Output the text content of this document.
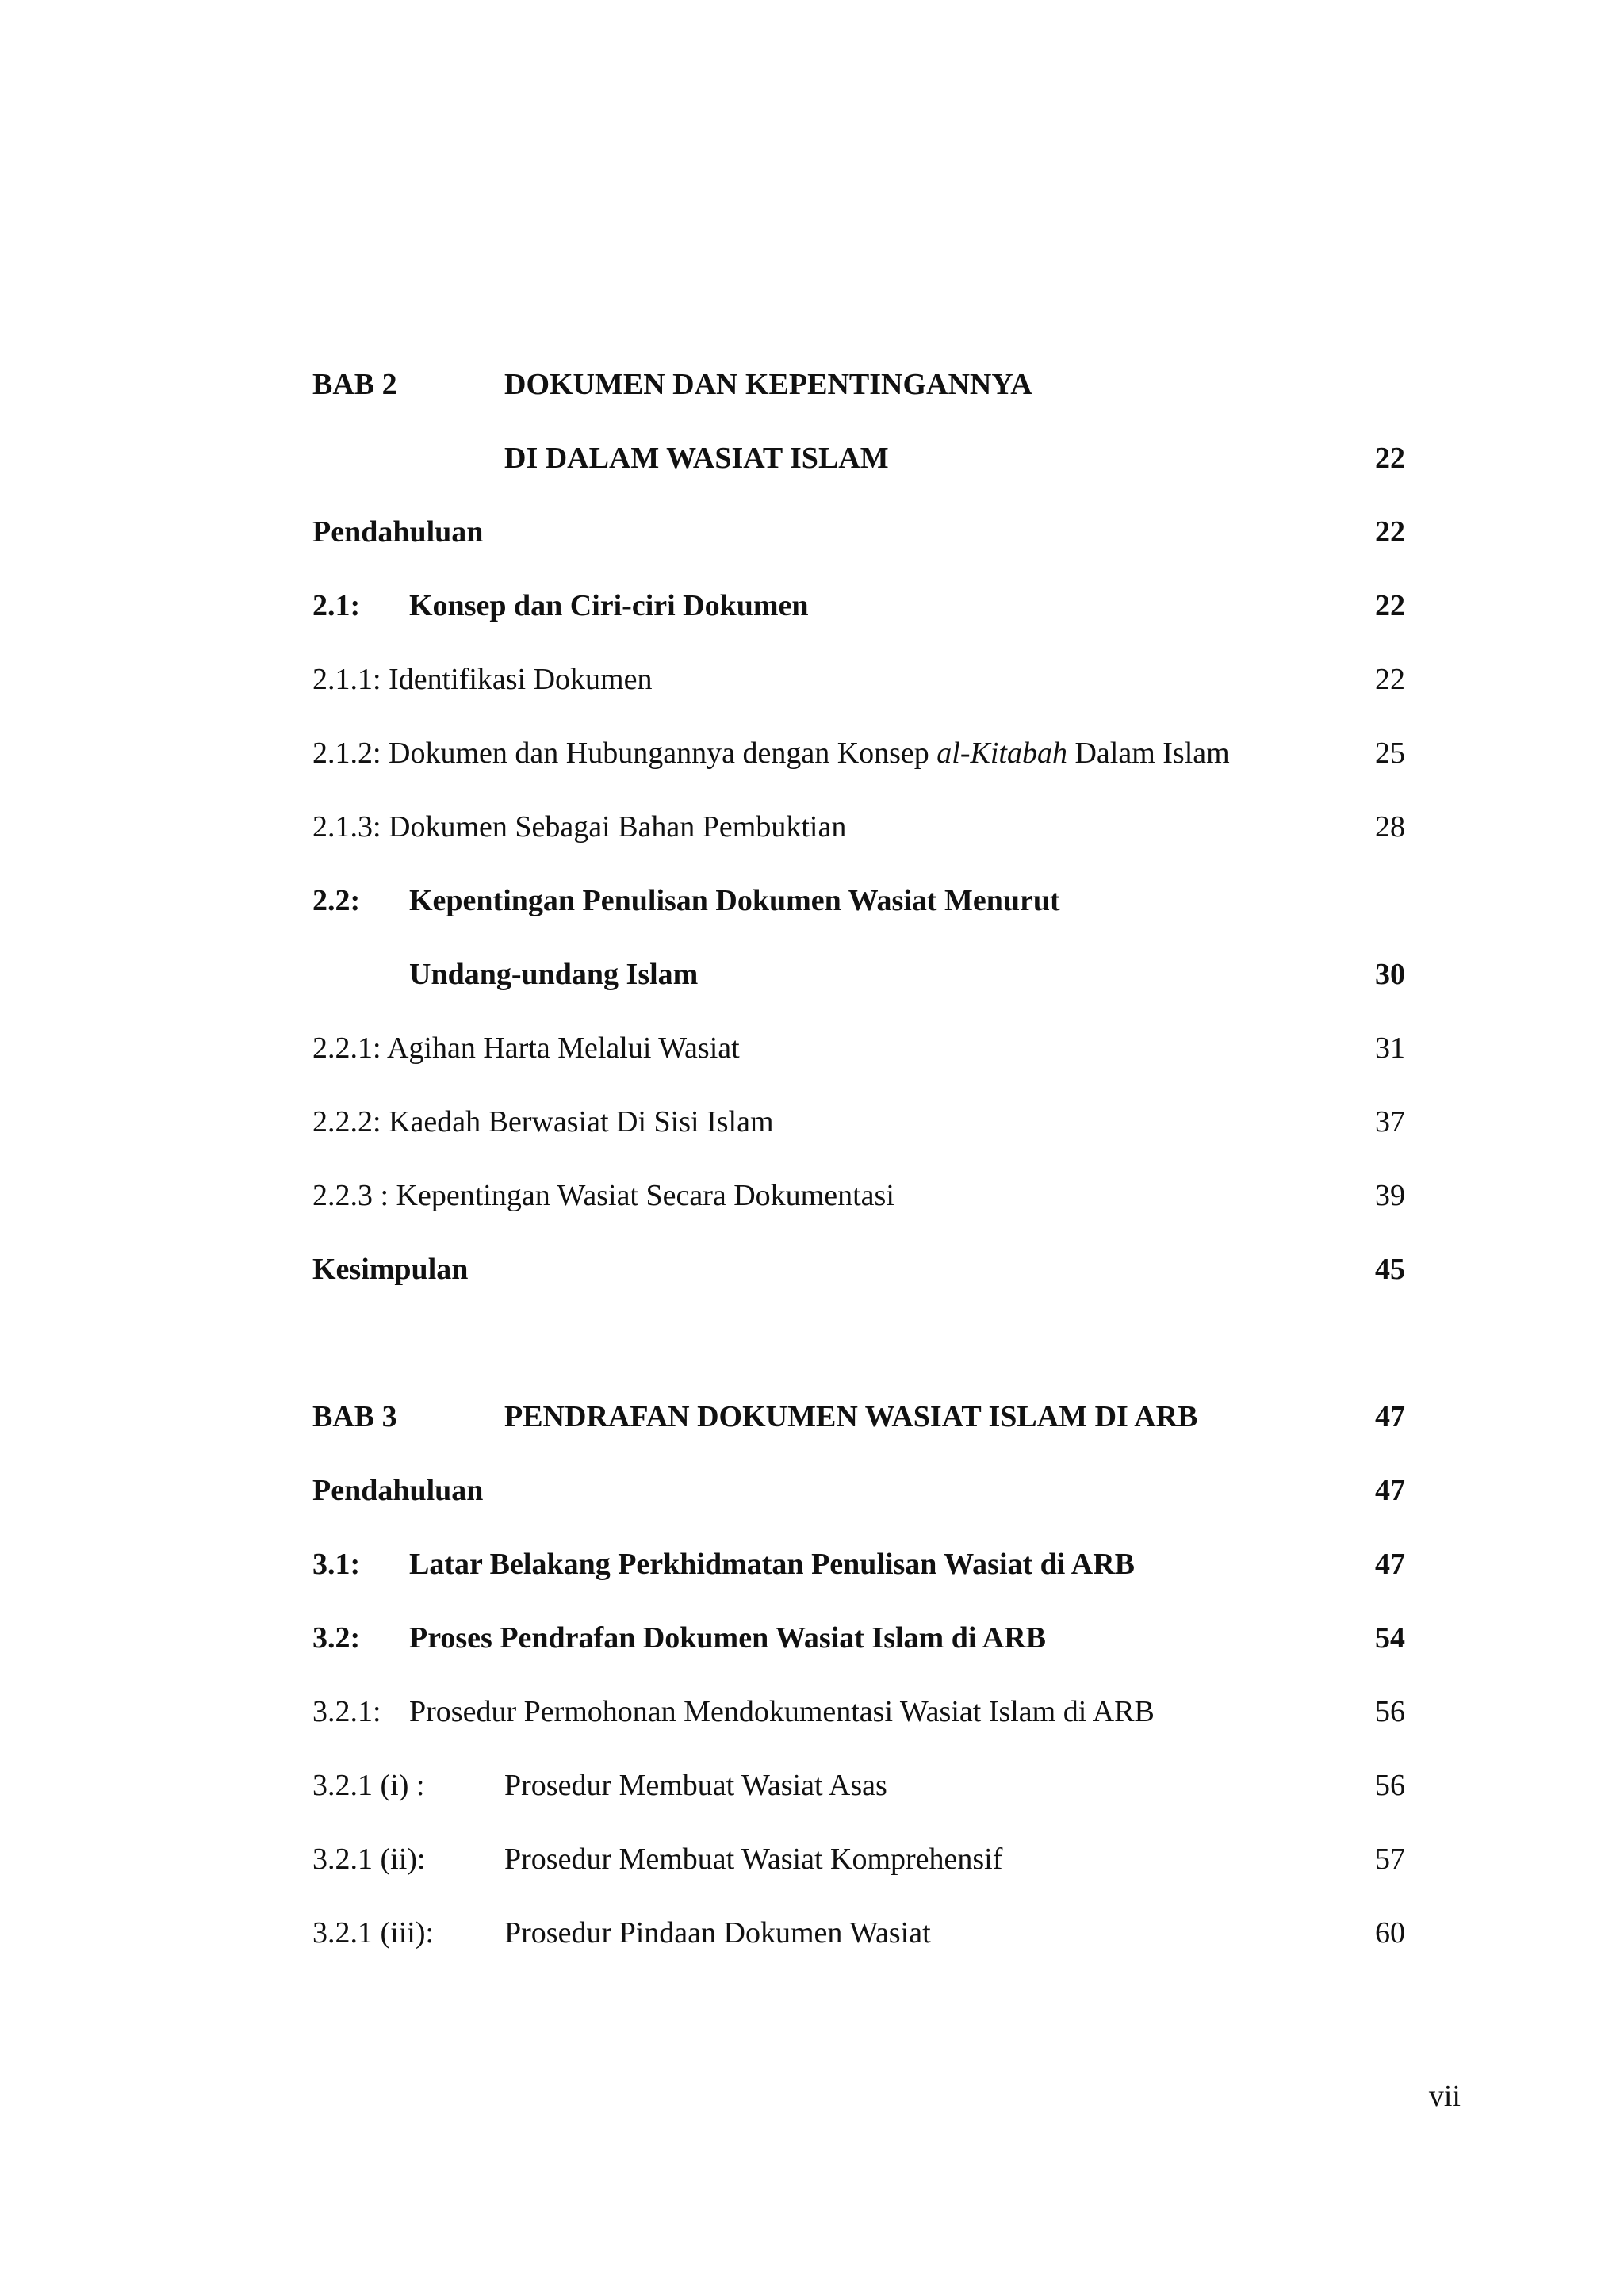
BAB 2	DOKUMEN DAN KEPENTINGANNYA
DI DALAM WASIAT ISLAM	22
Pendahuluan	22
2.1: Konsep dan Ciri-ciri Dokumen	22
2.1.1: Identifikasi Dokumen	22
2.1.2: Dokumen dan Hubungannya dengan Konsep al-Kitabah Dalam Islam	25
2.1.3: Dokumen Sebagai Bahan Pembuktian	28
2.2: Kepentingan Penulisan Dokumen Wasiat Menurut
Undang-undang Islam	30
2.2.1: Agihan Harta Melalui Wasiat	31
2.2.2: Kaedah Berwasiat Di Sisi Islam	37
2.2.3 : Kepentingan Wasiat Secara Dokumentasi	39
Kesimpulan	45
BAB 3	PENDRAFAN DOKUMEN WASIAT ISLAM DI ARB	47
Pendahuluan	47
3.1: Latar Belakang Perkhidmatan Penulisan Wasiat di ARB	47
3.2: Proses Pendrafan Dokumen Wasiat Islam di ARB	54
3.2.1: Prosedur Permohonan Mendokumentasi Wasiat Islam di ARB	56
3.2.1 (i) :	Prosedur Membuat Wasiat Asas	56
3.2.1 (ii):	Prosedur Membuat Wasiat Komprehensif	57
3.2.1 (iii): Prosedur Pindaan Dokumen Wasiat	60
vii
